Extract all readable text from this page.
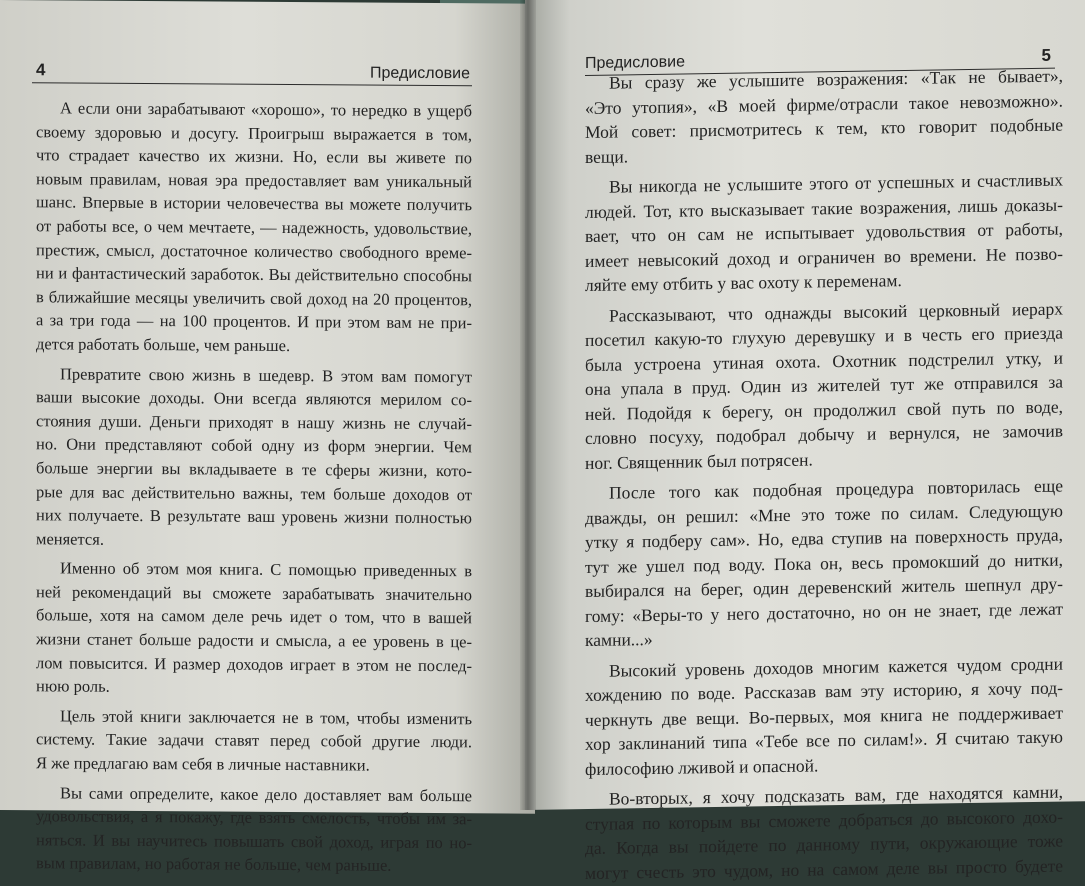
4	Предисловие
А если они зарабатывают «хорошо», то нередко в ущерб
своему здоровью и досугу. Проигрыш выражается в том,
что страдает качество их жизни. Но, если вы живете по
новым правилам, новая эра предоставляет вам уникальный
шанс. Впервые в истории человечества вы можете получить
от работы все, о чем мечтаете, — надежность, удовольствие,
престиж, смысл, достаточное количество свободного време-
ни и фантастический заработок. Вы действительно способны
в ближайшие месяцы увеличить свой доход на 20 процентов,
а за три года — на 100 процентов. И при этом вам не при-
дется работать больше, чем раньше.
Превратите свою жизнь в шедевр. В этом вам помогут
ваши высокие доходы. Они всегда являются мерилом со-
стояния души. Деньги приходят в нашу жизнь не случай-
но. Они представляют собой одну из форм энергии. Чем
больше энергии вы вкладываете в те сферы жизни, кото-
рые для вас действительно важны, тем больше доходов от
них получаете. В результате ваш уровень жизни полностью
меняется.
Именно об этом моя книга. С помощью приведенных в
ней рекомендаций вы сможете зарабатывать значительно
больше, хотя на самом деле речь идет о том, что в вашей
жизни станет больше радости и смысла, а ее уровень в це-
лом повысится. И размер доходов играет в этом не послед-
нюю роль.
Цель этой книги заключается не в том, чтобы изменить
систему. Такие задачи ставят перед собой другие люди.
Я же предлагаю вам себя в личные наставники.
Вы сами определите, какое дело доставляет вам больше
удовольствия, а я покажу, где взять смелость, чтобы им за-
няться. И вы научитесь повышать свой доход, играя по но-
вым правилам, но работая не больше, чем раньше.
Предисловие	5
Вы сразу же услышите возражения: «Так не бывает»,
«Это утопия», «В моей фирме/отрасли такое невозможно».
Мой совет: присмотритесь к тем, кто говорит подобные
вещи.
Вы никогда не услышите этого от успешных и счастливых
людей. Тот, кто высказывает такие возражения, лишь доказы-
вает, что он сам не испытывает удовольствия от работы,
имеет невысокий доход и ограничен во времени. Не позво-
ляйте ему отбить у вас охоту к переменам.
Рассказывают, что однажды высокий церковный иерарх
посетил какую-то глухую деревушку и в честь его приезда
была устроена утиная охота. Охотник подстрелил утку, и
она упала в пруд. Один из жителей тут же отправился за
ней. Подойдя к берегу, он продолжил свой путь по воде,
словно посуху, подобрал добычу и вернулся, не замочив
ног. Священник был потрясен.
После того как подобная процедура повторилась еще
дважды, он решил: «Мне это тоже по силам. Следующую
утку я подберу сам». Но, едва ступив на поверхность пруда,
тут же ушел под воду. Пока он, весь промокший до нитки,
выбирался на берег, один деревенский житель шепнул дру-
гому: «Веры-то у него достаточно, но он не знает, где лежат
камни...»
Высокий уровень доходов многим кажется чудом сродни
хождению по воде. Рассказав вам эту историю, я хочу под-
черкнуть две вещи. Во-первых, моя книга не поддерживает
хор заклинаний типа «Тебе все по силам!». Я считаю такую
философию лживой и опасной.
Во-вторых, я хочу подсказать вам, где находятся камни,
ступая по которым вы сможете добраться до высокого дохо-
да. Когда вы пойдете по данному пути, окружающие тоже
могут счесть это чудом, но на самом деле вы просто будете
